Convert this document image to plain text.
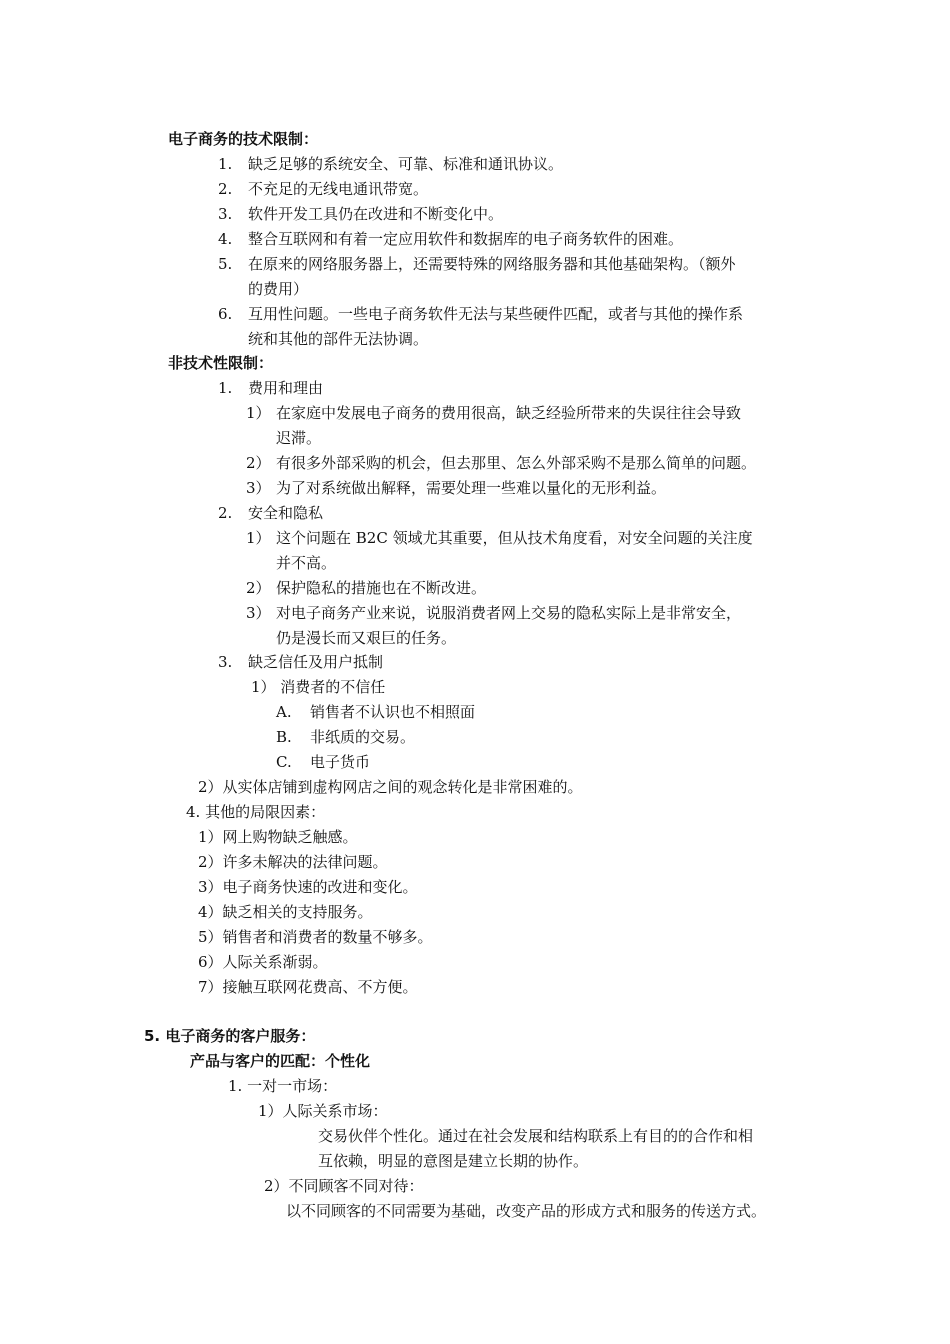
电子商务的技术限制：
1. 缺乏足够的系统安全、可靠、标准和通讯协议。
2. 不充足的无线电通讯带宽。
3. 软件开发工具仍在改进和不断变化中。
4. 整合互联网和有着一定应用软件和数据库的电子商务软件的困难。
5. 在原来的网络服务器上，还需要特殊的网络服务器和其他基础架构。（额外
的费用）
6. 互用性问题。一些电子商务软件无法与某些硬件匹配，或者与其他的操作系
统和其他的部件无法协调。
非技术性限制：
1. 费用和理由
1） 在家庭中发展电子商务的费用很高，缺乏经验所带来的失误往往会导致
迟滞。
2） 有很多外部采购的机会，但去那里、怎么外部采购不是那么简单的问题。
3） 为了对系统做出解释，需要处理一些难以量化的无形利益。
2. 安全和隐私
1） 这个问题在 B2C 领域尤其重要，但从技术角度看，对安全问题的关注度
并不高。
2） 保护隐私的措施也在不断改进。
3） 对电子商务产业来说，说服消费者网上交易的隐私实际上是非常安全，
仍是漫长而又艰巨的任务。
3. 缺乏信任及用户抵制
1） 消费者的不信任
A. 销售者不认识也不相照面
B. 非纸质的交易。
C. 电子货币
2）从实体店铺到虚构网店之间的观念转化是非常困难的。
4. 其他的局限因素：
1）网上购物缺乏触感。
2）许多未解决的法律问题。
3）电子商务快速的改进和变化。
4）缺乏相关的支持服务。
5）销售者和消费者的数量不够多。
6）人际关系渐弱。
7）接触互联网花费高、不方便。
5. 电子商务的客户服务：
产品与客户的匹配：个性化
1. 一对一市场：
1）人际关系市场：
交易伙伴个性化。通过在社会发展和结构联系上有目的的合作和相
互依赖，明显的意图是建立长期的协作。
2）不同顾客不同对待：
以不同顾客的不同需要为基础，改变产品的形成方式和服务的传送方式。
